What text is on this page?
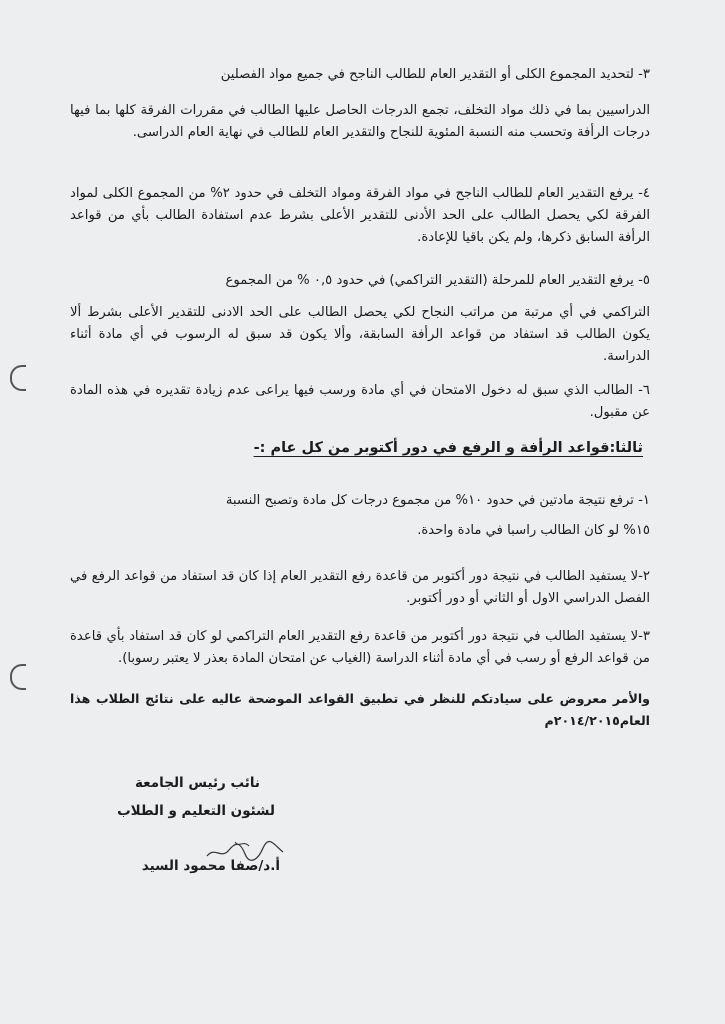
٣- لتحديد المجموع الكلى أو التقدير العام للطالب الناجح في جميع مواد الفصلين

الدراسيين بما في ذلك مواد التخلف، تجمع الدرجات الحاصل عليها الطالب في مقررات الفرقة كلها بما فيها درجات الرأفة وتحسب منه النسبة المئوية للنجاح والتقدير العام للطالب في نهاية العام الدراسى.

٤- يرفع التقدير العام للطالب الناجح في مواد الفرقة ومواد التخلف في حدود ٢% من المجموع الكلى لمواد الفرقة لكي يحصل الطالب على الحد الأدنى للتقدير الأعلى بشرط عدم استفادة الطالب بأي من قواعد الرأفة السابق ذكرها، ولم يكن باقيا للإعادة.

٥- يرفع التقدير العام للمرحلة (التقدير التراكمي) في حدود ٠,٥ % من المجموع

التراكمي في أي مرتبة من مراتب النجاح لكي يحصل الطالب على الحد الادنى للتقدير الأعلى بشرط ألا يكون الطالب قد استفاد من قواعد الرأفة السابقة، وألا يكون قد سبق له الرسوب في أي مادة أثناء الدراسة.

٦- الطالب الذي سبق له دخول الامتحان في أي مادة ورسب فيها يراعى عدم زيادة تقديره في هذه المادة عن مقبول.

ثالثا:قواعد الرأفة و الرفع في دور أكتوبر من كل عام :-

١- ترفع نتيجة مادتين في حدود ١٠% من مجموع درجات كل مادة وتصبح النسبة

١٥% لو كان الطالب راسبا في مادة واحدة.

٢-لا يستفيد الطالب في نتيجة دور أكتوبر من قاعدة رفع التقدير العام إذا كان قد استفاد من قواعد الرفع في الفصل الدراسي الاول أو الثاني أو دور أكتوبر.

٣-لا يستفيد الطالب في نتيجة دور أكتوبر من قاعدة رفع التقدير العام التراكمي لو كان قد استفاد بأي قاعدة من قواعد الرفع أو رسب في أي مادة أثناء الدراسة (الغياب عن امتحان المادة بعذر لا يعتبر رسوبا).

والأمر معروض على سيادتكم للنظر في تطبيق القواعد الموضحة عاليه على نتائج الطلاب هذا العام٢٠١٤/٢٠١٥م

نائب رئيس الجامعة
لشئون التعليم و الطلاب
أ.د/صفا محمود السيد
